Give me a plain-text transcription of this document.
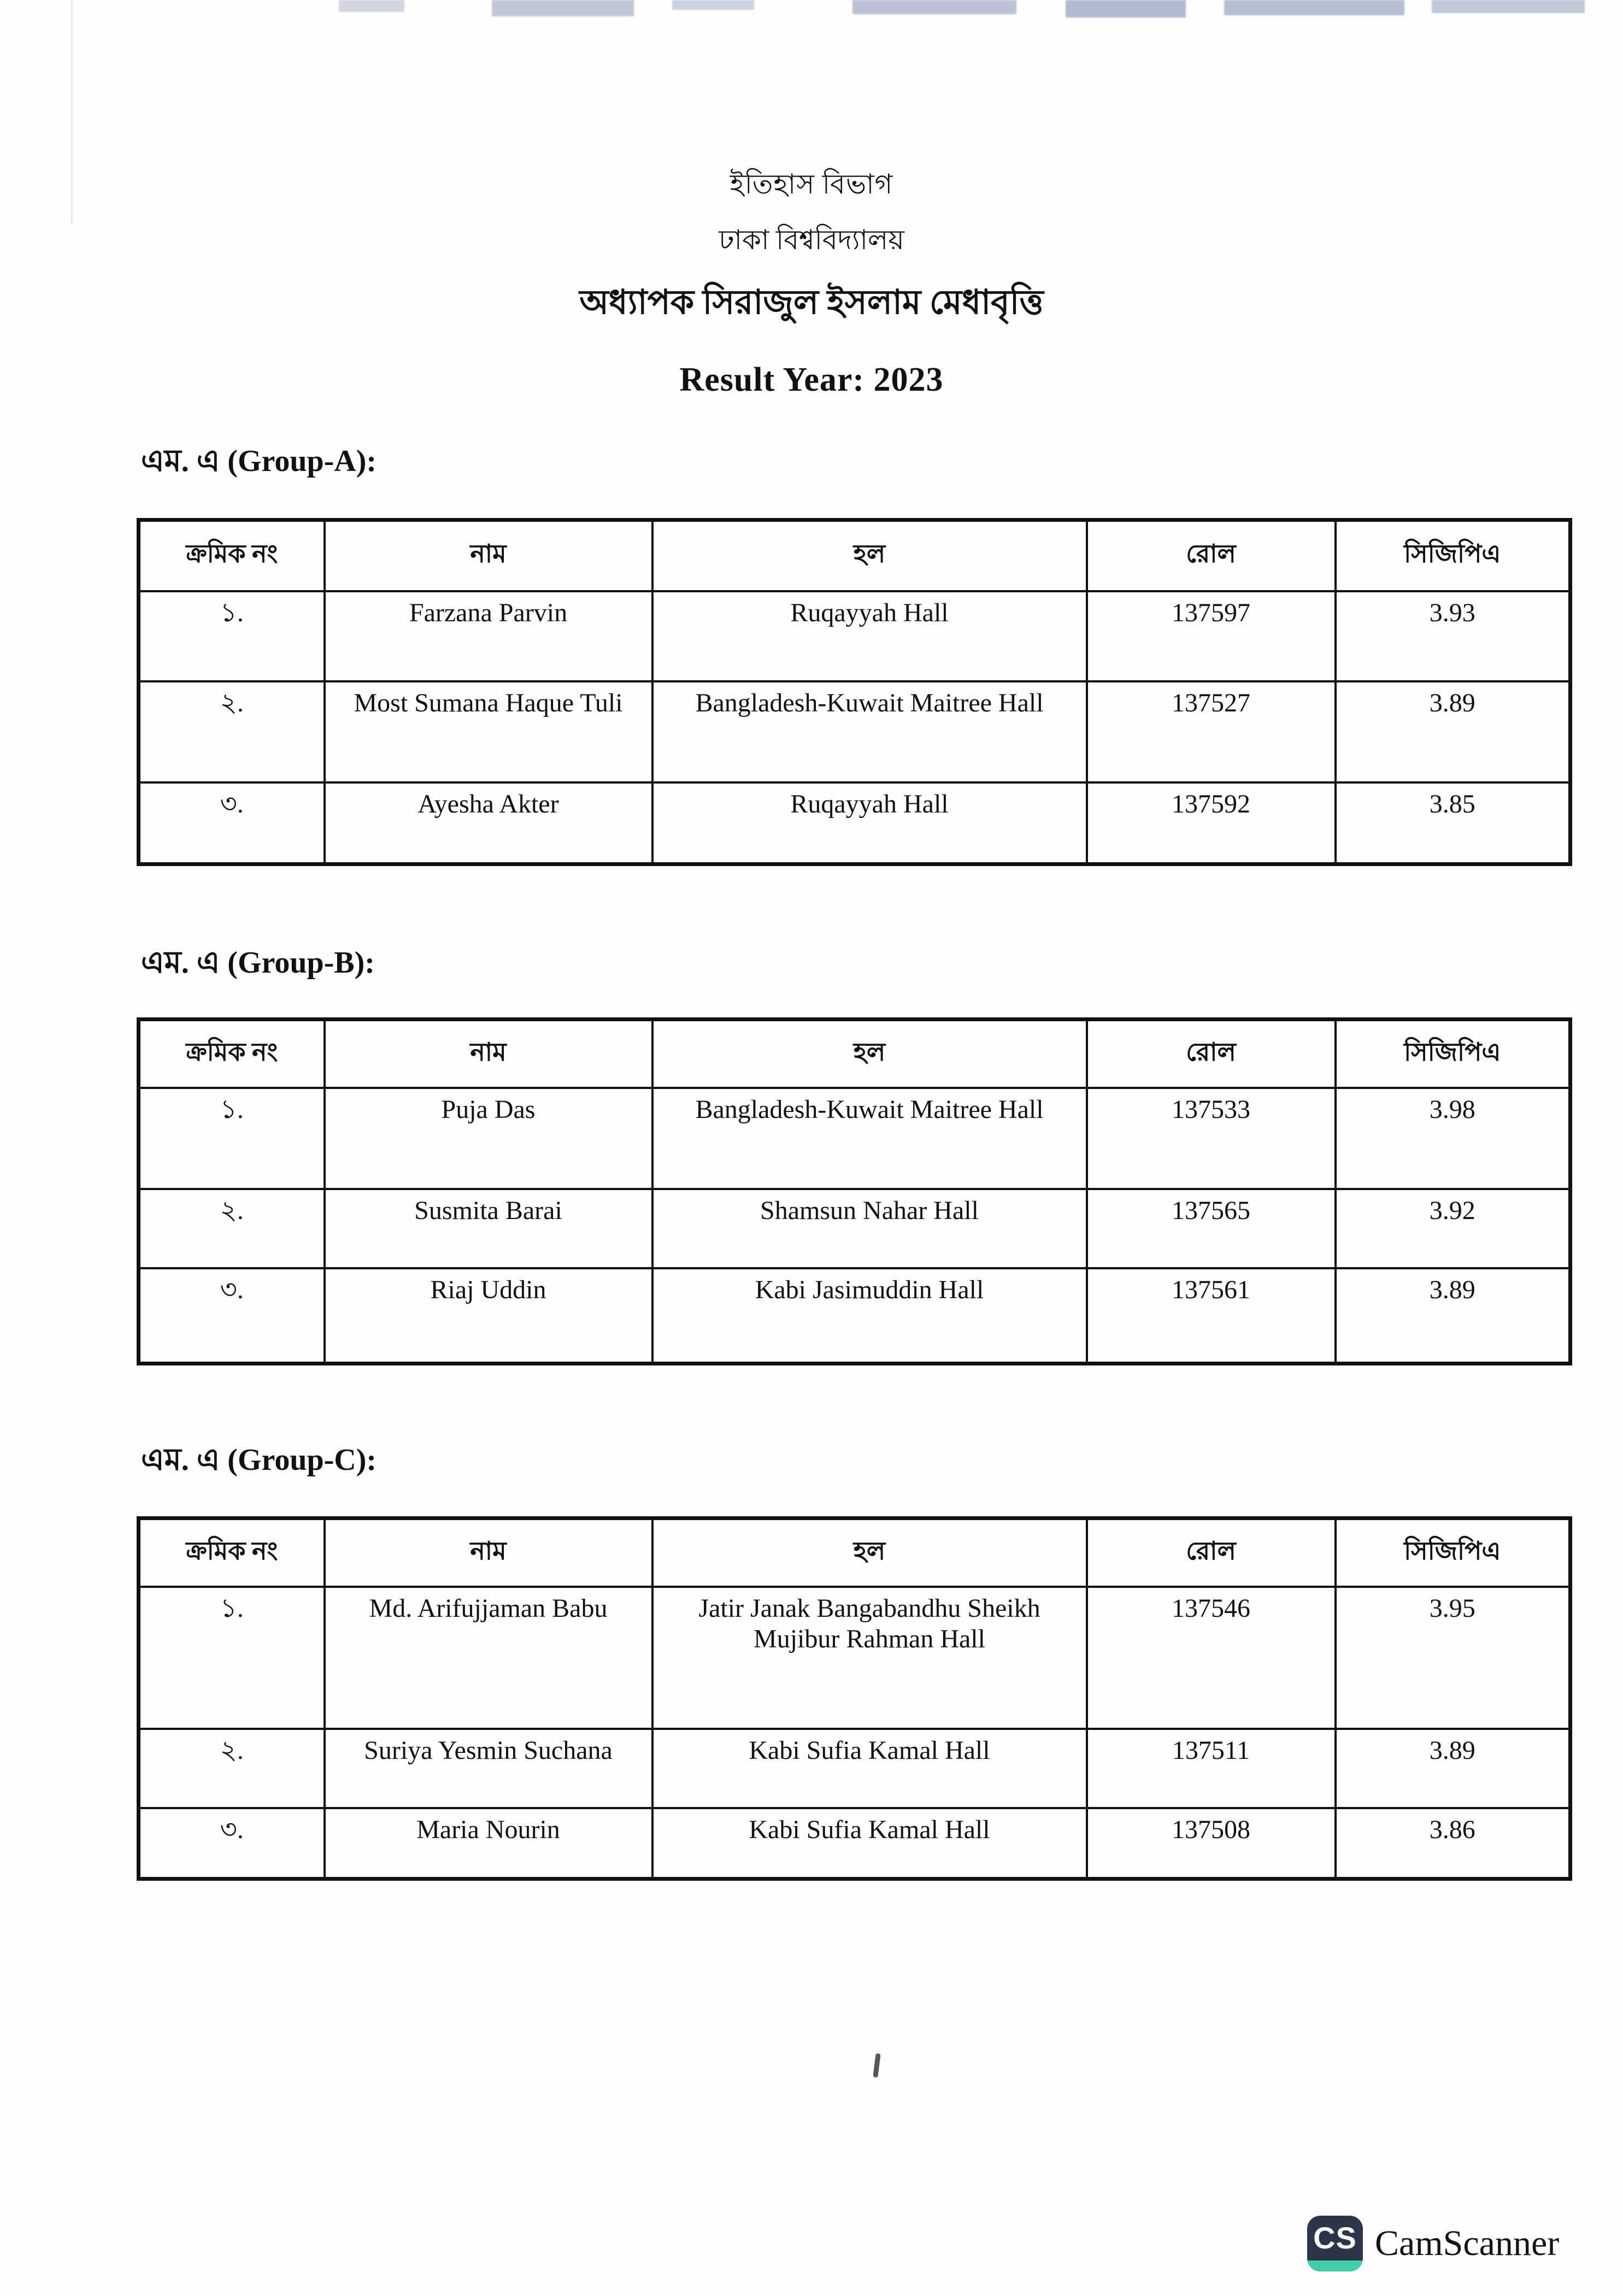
ইতিহাস বিভাগ
ঢাকা বিশ্ববিদ্যালয়
অধ্যাপক সিরাজুল ইসলাম মেধাবৃত্তি
Result Year: 2023
এম. এ (Group-A):
ক্রমিক নং	নাম	হল	রোল	সিজিপিএ
১.	Farzana Parvin	Ruqayyah Hall	137597	3.93
২.	Most Sumana Haque Tuli	Bangladesh-Kuwait Maitree Hall	137527	3.89
৩.	Ayesha Akter	Ruqayyah Hall	137592	3.85
এম. এ (Group-B):
ক্রমিক নং	নাম	হল	রোল	সিজিপিএ
১.	Puja Das	Bangladesh-Kuwait Maitree Hall	137533	3.98
২.	Susmita Barai	Shamsun Nahar Hall	137565	3.92
৩.	Riaj Uddin	Kabi Jasimuddin Hall	137561	3.89
এম. এ (Group-C):
ক্রমিক নং	নাম	হল	রোল	সিজিপিএ
১.	Md. Arifujjaman Babu	Jatir Janak Bangabandhu Sheikh Mujibur Rahman Hall	137546	3.95
২.	Suriya Yesmin Suchana	Kabi Sufia Kamal Hall	137511	3.89
৩.	Maria Nourin	Kabi Sufia Kamal Hall	137508	3.86
CS CamScanner
